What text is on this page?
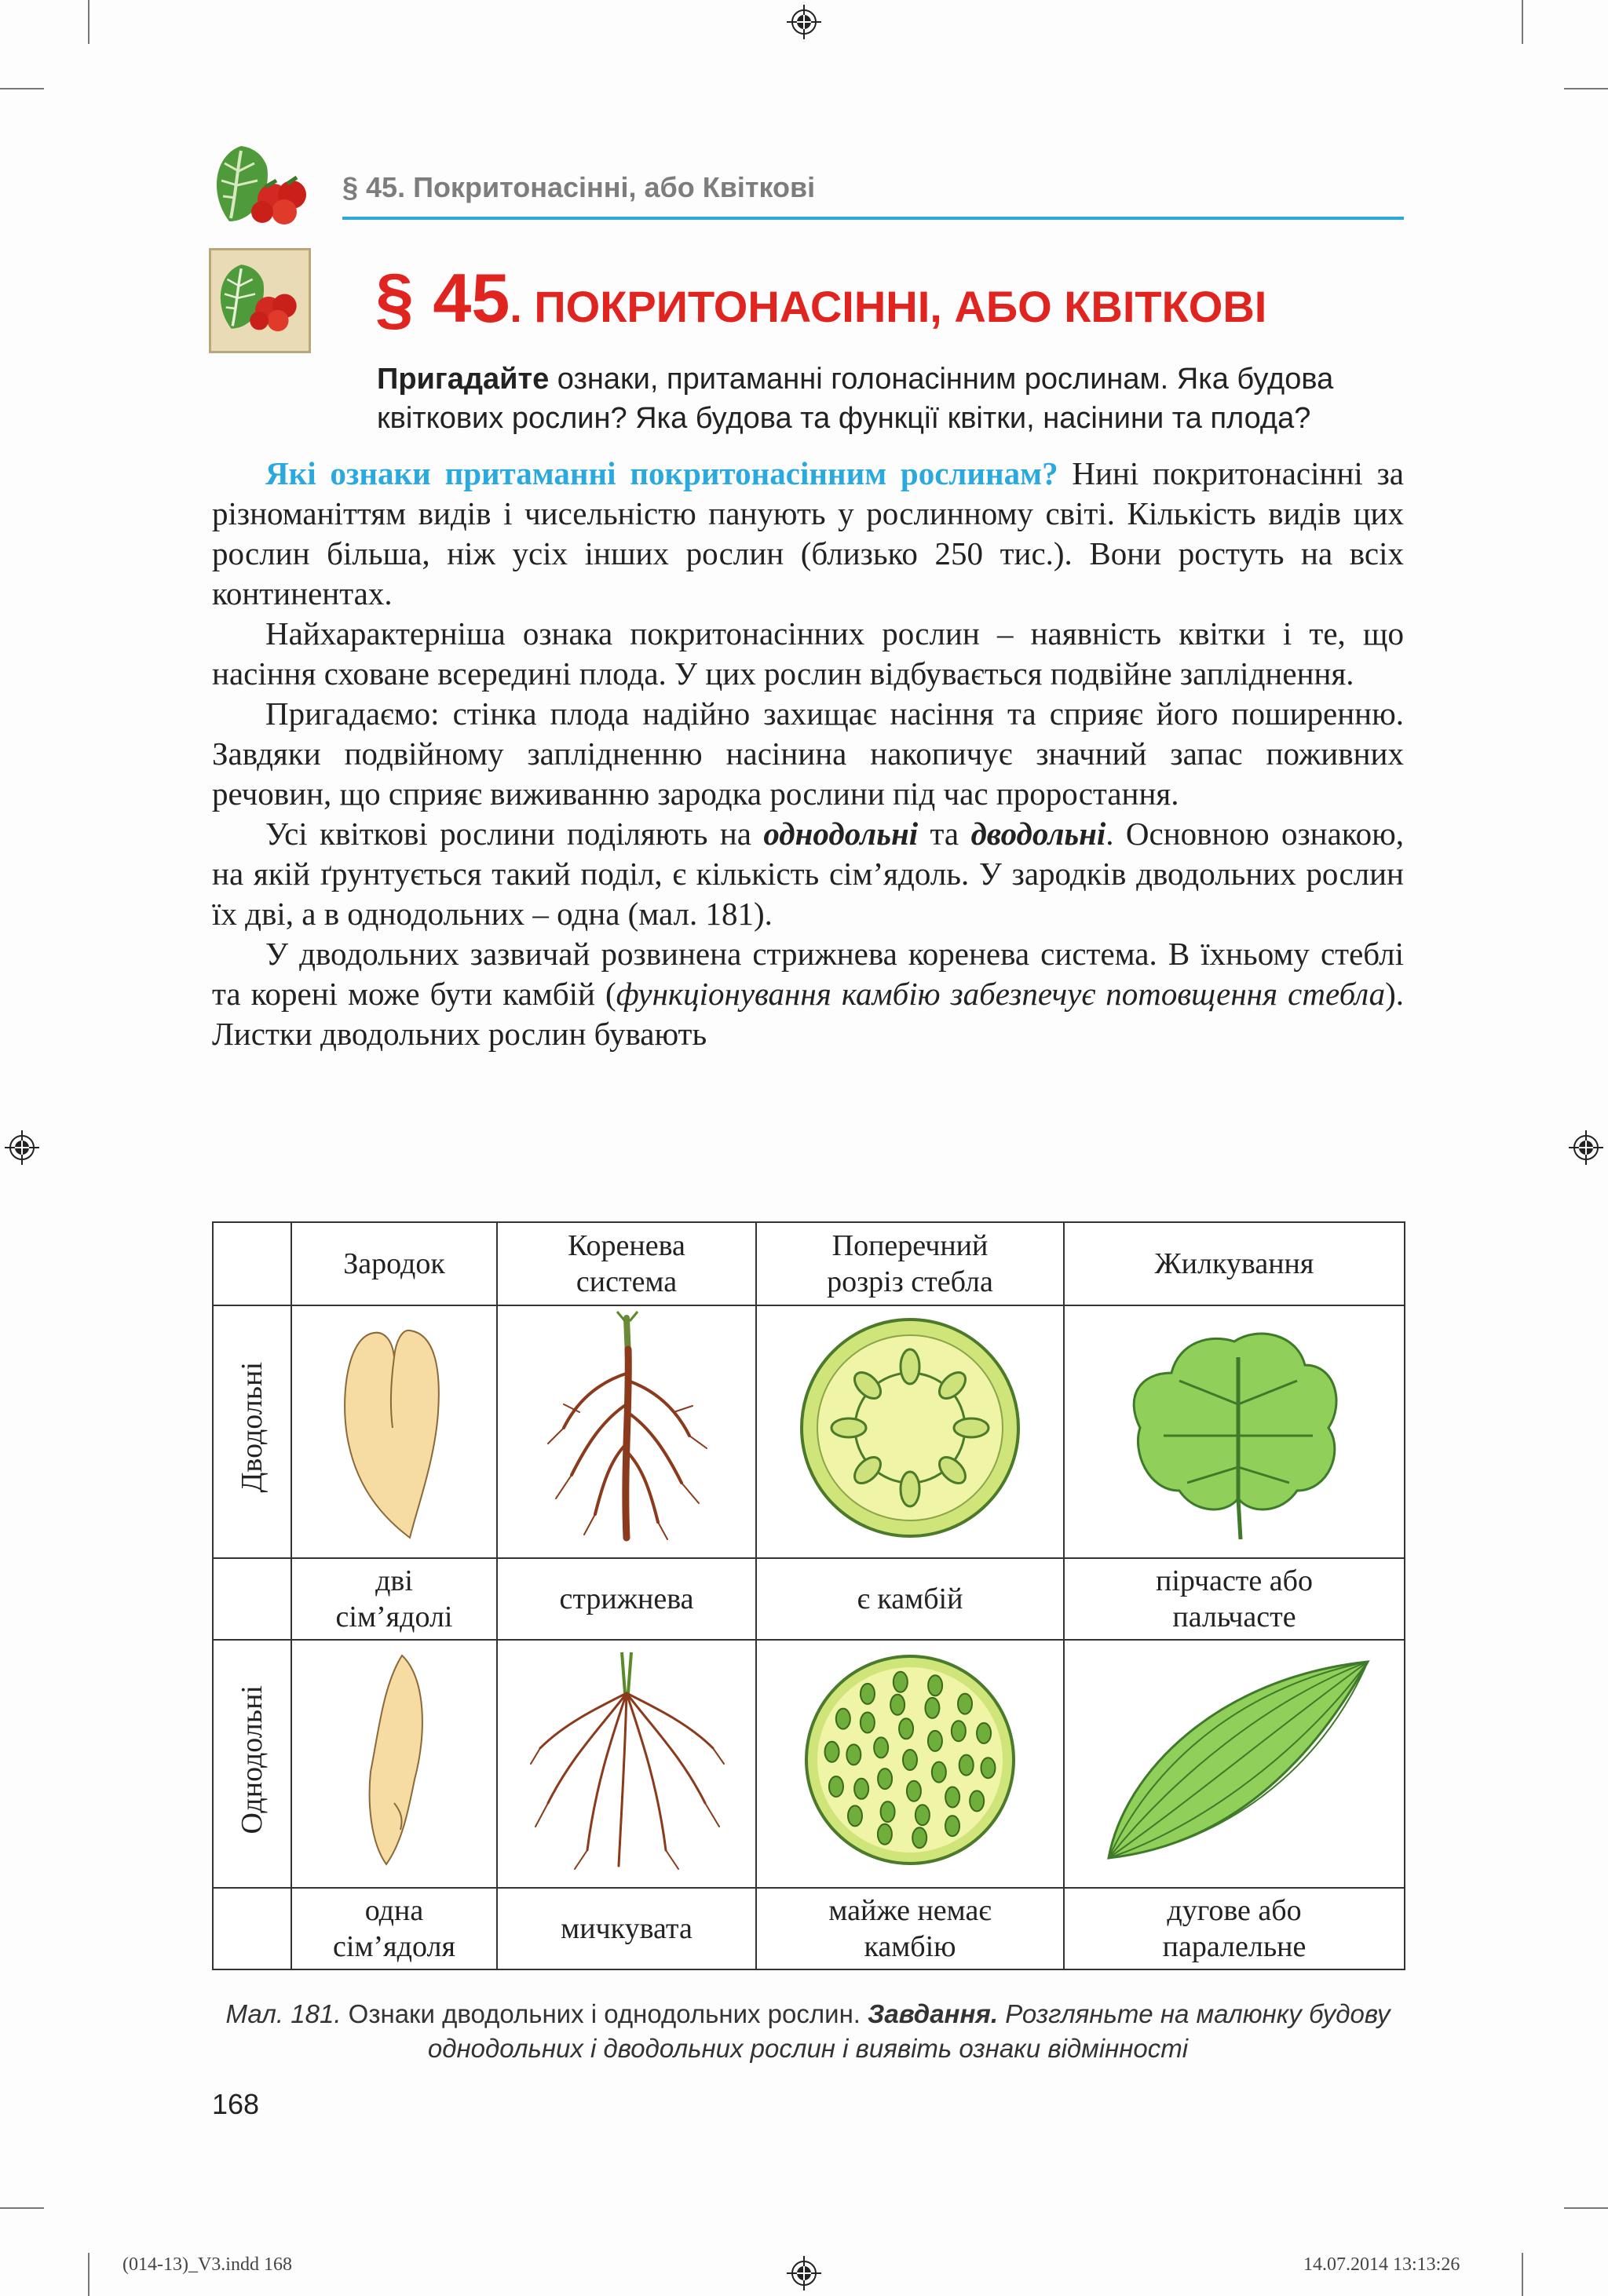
§ 45. Покритонасінні, або Квіткові
§ 45. ПОКРИТОНАСІННІ, АБО КВІТКОВІ
Пригадайте ознаки, притаманні голонасінним рослинам. Яка будова квіткових рослин? Яка будова та функції квітки, насінини та плода?

Які ознаки притаманні покритонасінним рослинам? Нині покритонасінні за різноманіттям видів і чисельністю панують у рослинному світі. Кількість видів цих рослин більша, ніж усіх інших рослин (близько 250 тис.). Вони ростуть на всіх континентах.

Найхарактерніша ознака покритонасінних рослин – наявність квітки і те, що насіння сховане всередині плода. У цих рослин відбувається подвійне запліднення.

Пригадаємо: стінка плода надійно захищає насіння та сприяє його поширенню. Завдяки подвійному заплідненню насінина накопичує значний запас поживних речовин, що сприяє виживанню зародка рослини під час проростання.

Усі квіткові рослини поділяють на однодольні та дводольні. Основною ознакою, на якій ґрунтується такий поділ, є кількість сім’ядоль. У зародків дводольних рослин їх дві, а в однодольних – одна (мал. 181).

У дводольних зазвичай розвинена стрижнева коренева система. В їхньому стеблі та корені може бути камбій (функціонування камбію забезпечує потовщення стебла). Листки дводольних рослин бувають

	Зародок	Коренева система	Поперечний розріз стебла	Жилкування

Дводольні				

	дві сім’ядолі	стрижнева	є камбій	пірчасте або пальчасте

Однодольні				

	одна сім’ядоля	мичкувата	майже немає камбію	дугове або паралельне
Мал. 181. Ознаки дводольних і однодольних рослин. Завдання. Розгляньте на малюнку будову однодольних і дводольних рослин і виявіть ознаки відмінності
168
(014-13)_V3.indd 168	14.07.2014 13:13:26
